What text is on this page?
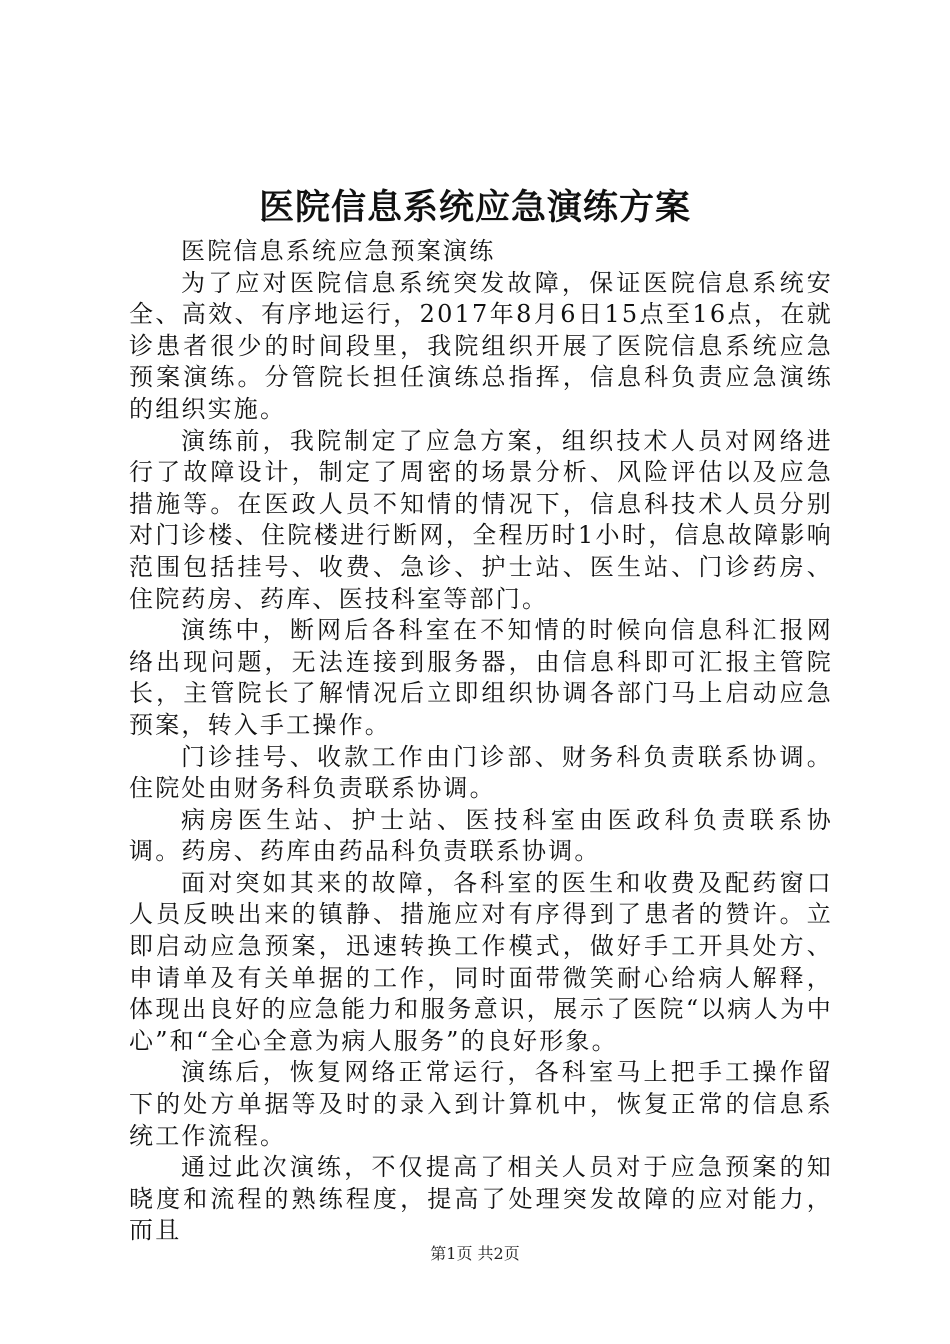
医院信息系统应急演练方案

医院信息系统应急预案演练

为了应对医院信息系统突发故障，保证医院信息系统安全、高效、有序地运行，2017年8月6日15点至16点，在就诊患者很少的时间段里，我院组织开展了医院信息系统应急预案演练。分管院长担任演练总指挥，信息科负责应急演练的组织实施。

演练前，我院制定了应急方案，组织技术人员对网络进行了故障设计，制定了周密的场景分析、风险评估以及应急措施等。在医政人员不知情的情况下，信息科技术人员分别对门诊楼、住院楼进行断网，全程历时1小时，信息故障影响范围包括挂号、收费、急诊、护士站、医生站、门诊药房、住院药房、药库、医技科室等部门。

演练中，断网后各科室在不知情的时候向信息科汇报网络出现问题，无法连接到服务器，由信息科即可汇报主管院长，主管院长了解情况后立即组织协调各部门马上启动应急预案，转入手工操作。

门诊挂号、收款工作由门诊部、财务科负责联系协调。住院处由财务科负责联系协调。

病房医生站、护士站、医技科室由医政科负责联系协调。药房、药库由药品科负责联系协调。

面对突如其来的故障，各科室的医生和收费及配药窗口人员反映出来的镇静、措施应对有序得到了患者的赞许。立即启动应急预案，迅速转换工作模式，做好手工开具处方、申请单及有关单据的工作，同时面带微笑耐心给病人解释，体现出良好的应急能力和服务意识，展示了医院“以病人为中心”和“全心全意为病人服务”的良好形象。

演练后，恢复网络正常运行，各科室马上把手工操作留下的处方单据等及时的录入到计算机中，恢复正常的信息系统工作流程。

通过此次演练，不仅提高了相关人员对于应急预案的知晓度和流程的熟练程度，提高了处理突发故障的应对能力，而且

第1页 共2页
